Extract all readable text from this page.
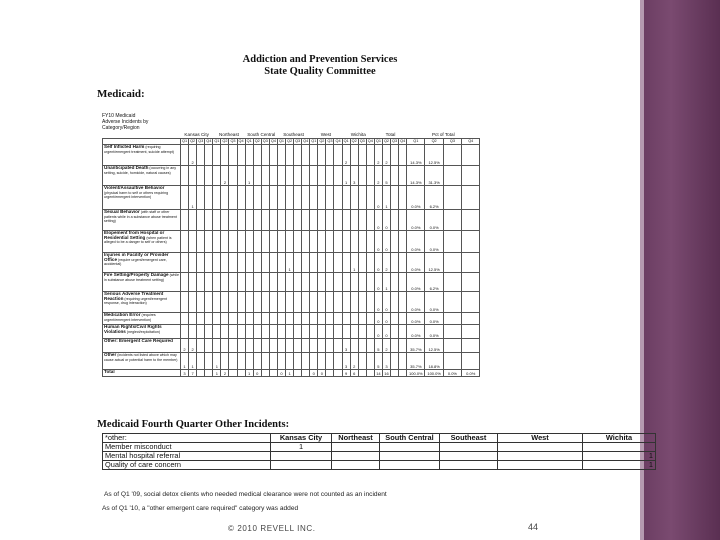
Addiction and Prevention Services
State Quality Committee
Medicaid:
FY10 Medicaid
Adverse Incidents by
Category/Region
	Kansas City				Northeast				South Central				Southeast				West				Wichita				Total				Pct of Total			
	Q1	Q2	Q3	Q4	Q1	Q2	Q3	Q4	Q1	Q2	Q3	Q4	Q1	Q2	Q3	Q4	Q1	Q2	Q3	Q4	Q1	Q2	Q3	Q4	Q1	Q2	Q3	Q4	Q1	Q2	Q3	Q4
Self Inflicted Harm (requiring urgent/emergent treatment, suicide attempt)		2																			2				2	2			14.3%	12.5%		
Unanticipated Death (occurring in any setting, suicide, homicide, natural causes)						2			1												1	3			2	5			14.3%	31.3%		
Violent/Assaultive Behavior (physical harm to self or others requiring urgent/emergent intervention)		1																							0	1			0.0%	6.2%		
Sexual Behavior (with staff or other patients while in a substance abuse treatment setting)																									0	0			0.0%	0.0%		
Elopement from Hospital or Residential Setting (when patient is alleged to be a danger to self or others)																									0	0			0.0%	0.0%		
Injuries in Facility or Provider Office (require urgent/emergent care, accidental)														1								1			0	2			0.0%	12.5%		
Fire Setting/Property Damage (while in substance abuse treatment setting)																									0	1			0.0%	6.2%		
Serious Adverse Treatment Reaction (requiring urgent/emergent response, drug interaction)																									0	0			0.0%	0.0%		
Medication Error (requires urgent/emergent intervention)																									0	0			0.0%	0.0%		
Human Rights/Civil Rights Violations (neglect/exploitation)																									0	0			0.0%	0.0%		
Other: Emergent Care Required	2	2																			3				5	2			35.7%	12.5%		
Other (incidents not listed above which may cause actual or potential harm to the member)	1	1			1																3	2			5	3			35.7%	18.8%		
Total	3	7			1	2			1	0			0	1			0	0			9	6			14	16			100.0%	100.0%	0.0%	0.0%
Medicaid Fourth Quarter Other Incidents:
*other:	Kansas City	Northeast	South Central	Southeast	West	Wichita
Member misconduct	1					
Mental hospital referral						1
Quality of care concern						1
As of Q1 '09, social detox clients who needed medical clearance were not counted as an incident
As of Q1 '10, a "other emergent care required" category was added
© 2010 REVELL INC.	44
